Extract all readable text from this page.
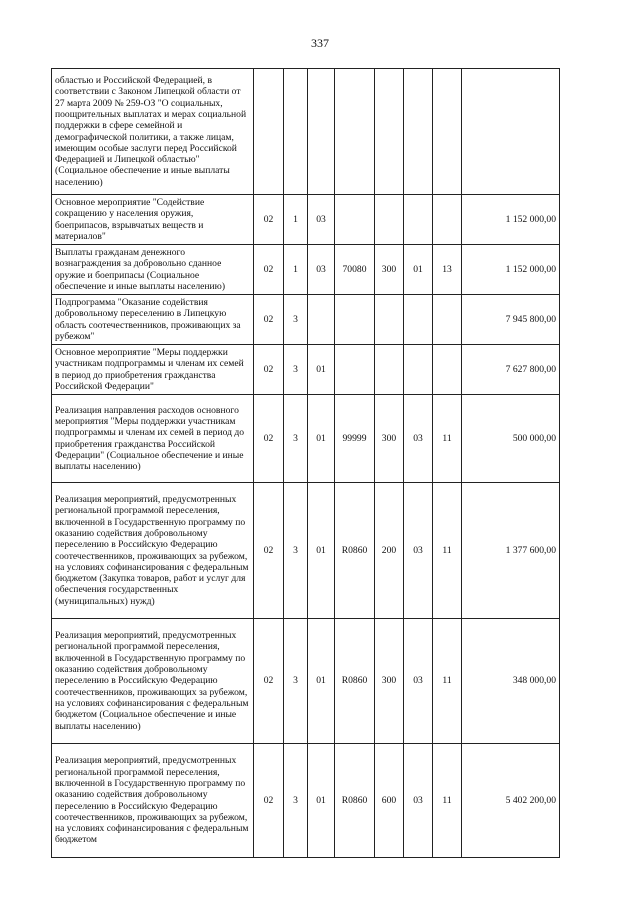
337
областью и Российской Федерацией, в соответствии с Законом Липецкой области от 27 марта 2009 № 259-ОЗ "О социальных, поощрительных выплатах и мерах социальной поддержки в сфере семейной и демографической политики, а также лицам, имеющим особые заслуги перед Российской Федерацией и Липецкой областью" (Социальное обеспечение и иные выплаты населению)								
Основное мероприятие "Содействие сокращению у населения оружия, боеприпасов, взрывчатых веществ и материалов"	02	1	03					1 152 000,00
Выплаты гражданам денежного вознаграждения за добровольно сданное оружие и боеприпасы (Социальное обеспечение и иные выплаты населению)	02	1	03	70080	300	01	13	1 152 000,00
Подпрограмма "Оказание содействия добровольному переселению в Липецкую область соотечественников, проживающих за рубежом"	02	3						7 945 800,00
Основное мероприятие "Меры поддержки участникам подпрограммы и членам их семей в период до приобретения гражданства Российской Федерации"	02	3	01					7 627 800,00
Реализация направления расходов основного мероприятия "Меры поддержки участникам подпрограммы и членам их семей в период до приобретения гражданства Российской Федерации" (Социальное обеспечение и иные выплаты населению)	02	3	01	99999	300	03	11	500 000,00
Реализация мероприятий, предусмотренных региональной программой переселения, включенной в Государственную программу по оказанию содействия добровольному переселению в Российскую Федерацию соотечественников, проживающих за рубежом, на условиях софинансирования с федеральным бюджетом (Закупка товаров, работ и услуг для обеспечения государственных (муниципальных) нужд)	02	3	01	R0860	200	03	11	1 377 600,00
Реализация мероприятий, предусмотренных региональной программой переселения, включенной в Государственную программу по оказанию содействия добровольному переселению в Российскую Федерацию соотечественников, проживающих за рубежом, на условиях софинансирования с федеральным бюджетом (Социальное обеспечение и иные выплаты населению)	02	3	01	R0860	300	03	11	348 000,00
Реализация мероприятий, предусмотренных региональной программой переселения, включенной в Государственную программу по оказанию содействия добровольному переселению в Российскую Федерацию соотечественников, проживающих за рубежом, на условиях софинансирования с федеральным бюджетом	02	3	01	R0860	600	03	11	5 402 200,00
